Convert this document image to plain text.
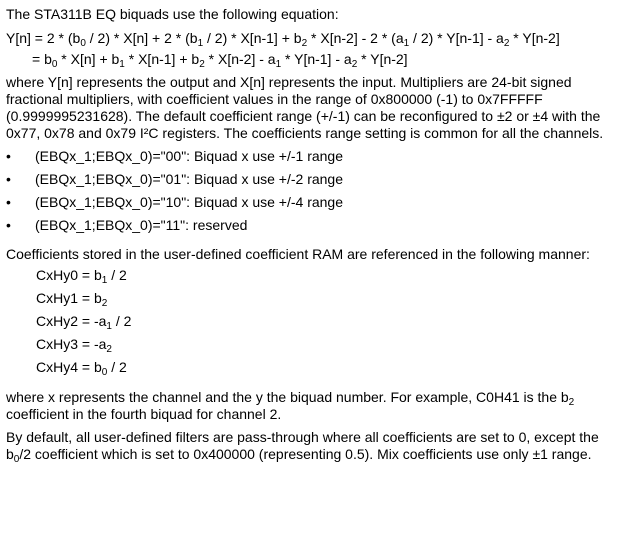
The STA311B EQ biquads use the following equation:

$Y[n] = 2 * (b_0 / 2) * X[n] + 2 * (b_1 / 2) * X[n-1] + b_2 * X[n-2] - 2 * (a_1 / 2) * Y[n-1] - a_2 * Y[n-2]$

= $b_0 * X[n] + b_1 * X[n-1] + b_2 * X[n-2] - a_1 * Y[n-1] - a_2 * Y[n-2]$

where Y[n] represents the output and X[n] represents the input. Multipliers are 24-bit signed fractional multipliers, with coefficient values in the range of 0x800000 (-1) to 0x7FFFFF (0.9999995231628). The default coefficient range (+/-1) can be reconfigured to ±2 or ±4 with the 0x77, 0x78 and 0x79 I²C registers. The coefficients range setting is common for all the channels.

• (EBQx_1;EBQx_0)="00": Biquad x use +/-1 range
• (EBQx_1;EBQx_0)="01": Biquad x use +/-2 range
• (EBQx_1;EBQx_0)="10": Biquad x use +/-4 range
• (EBQx_1;EBQx_0)="11": reserved

Coefficients stored in the user-defined coefficient RAM are referenced in the following manner:

CxHy0 = $b_1 / 2$
CxHy1 = $b_2$
CxHy2 = $-a_1 / 2$
CxHy3 = $-a_2$
CxHy4 = $b_0 / 2$

where x represents the channel and the y the biquad number. For example, C0H41 is the $b_2$ coefficient in the fourth biquad for channel 2.

By default, all user-defined filters are pass-through where all coefficients are set to 0, except the $b_0/2$ coefficient which is set to 0x400000 (representing 0.5). Mix coefficients use only ±1 range.
